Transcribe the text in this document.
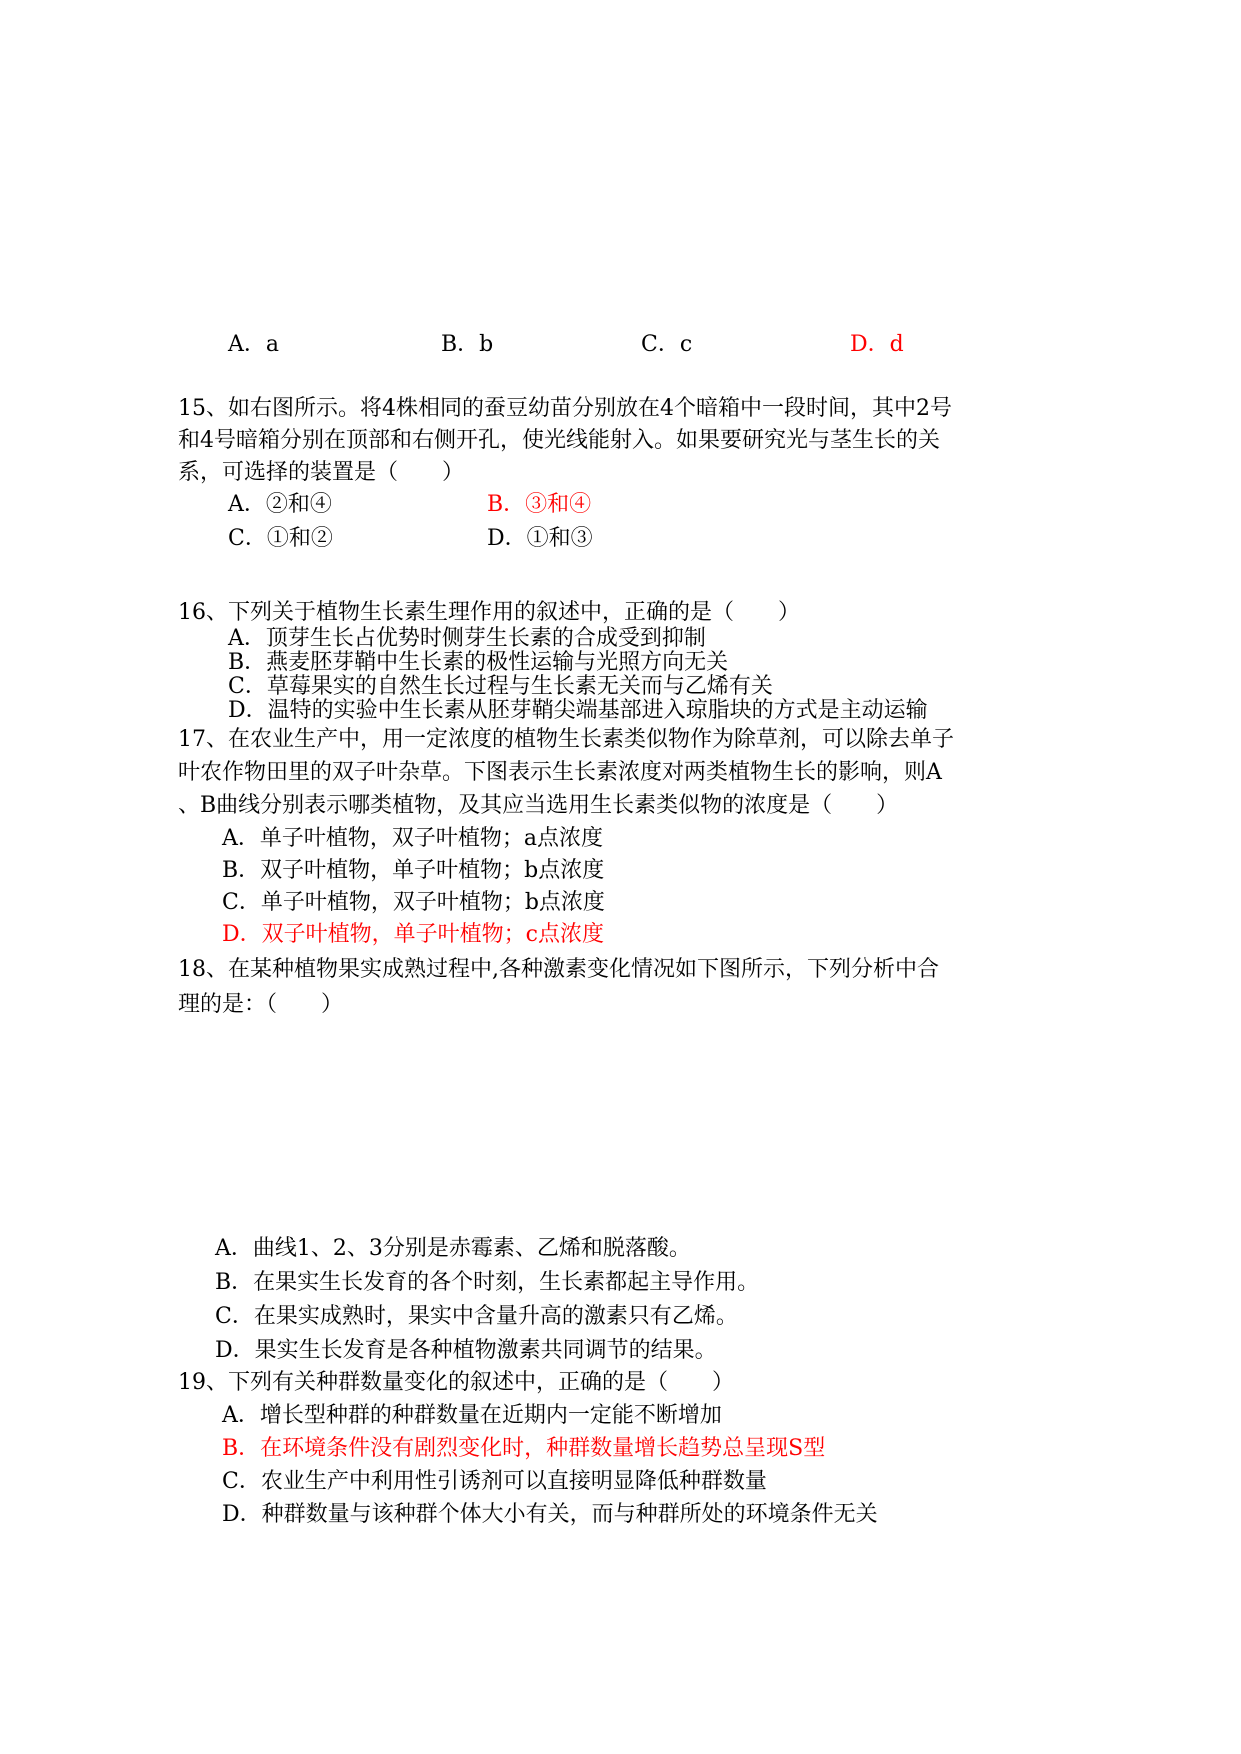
A．a	B．b	C．c	D．d
15、如右图所示。将4株相同的蚕豆幼苗分别放在4个暗箱中一段时间，其中2号
和4号暗箱分别在顶部和右侧开孔，使光线能射入。如果要研究光与茎生长的关
系，可选择的装置是（　　）
A．②和④	B．③和④
C．①和②	D．①和③
16、下列关于植物生长素生理作用的叙述中，正确的是（　　）
A．顶芽生长占优势时侧芽生长素的合成受到抑制
B．燕麦胚芽鞘中生长素的极性运输与光照方向无关
C．草莓果实的自然生长过程与生长素无关而与乙烯有关
D．温特的实验中生长素从胚芽鞘尖端基部进入琼脂块的方式是主动运输
17、在农业生产中，用一定浓度的植物生长素类似物作为除草剂，可以除去单子
叶农作物田里的双子叶杂草。下图表示生长素浓度对两类植物生长的影响，则A
、B曲线分别表示哪类植物，及其应当选用生长素类似物的浓度是（　　）
A．单子叶植物，双子叶植物；a点浓度
B．双子叶植物，单子叶植物；b点浓度
C．单子叶植物，双子叶植物；b点浓度
D．双子叶植物，单子叶植物；c点浓度
18、在某种植物果实成熟过程中,各种激素变化情况如下图所示，下列分析中合
理的是：（　　）
A．曲线1、2、3分别是赤霉素、乙烯和脱落酸。
B．在果实生长发育的各个时刻，生长素都起主导作用。
C．在果实成熟时，果实中含量升高的激素只有乙烯。
D．果实生长发育是各种植物激素共同调节的结果。
19、下列有关种群数量变化的叙述中，正确的是（　　）
A．增长型种群的种群数量在近期内一定能不断增加
B．在环境条件没有剧烈变化时，种群数量增长趋势总呈现S型
C．农业生产中利用性引诱剂可以直接明显降低种群数量
D．种群数量与该种群个体大小有关，而与种群所处的环境条件无关
